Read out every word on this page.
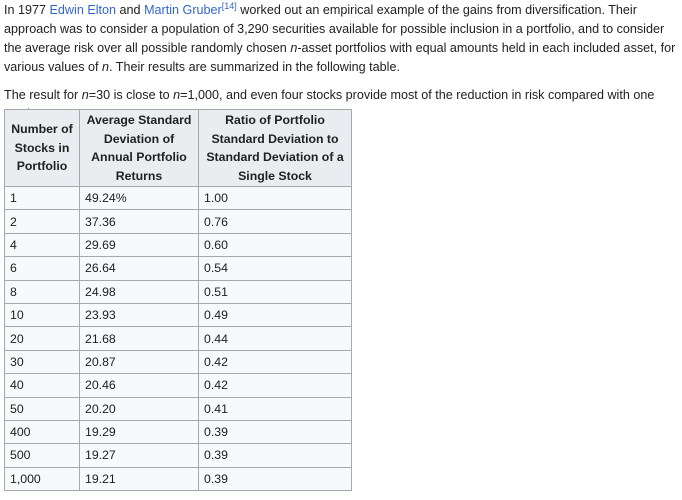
In 1977 Edwin Elton and Martin Gruber[14] worked out an empirical example of the gains from diversification. Their approach was to consider a population of 3,290 securities available for possible inclusion in a portfolio, and to consider the average risk over all possible randomly chosen n-asset portfolios with equal amounts held in each included asset, for various values of n. Their results are summarized in the following table.

The result for n=30 is close to n=1,000, and even four stocks provide most of the reduction in risk compared with one

Number of Stocks in Portfolio	Average Standard Deviation of Annual Portfolio Returns	Ratio of Portfolio Standard Deviation to Standard Deviation of a Single Stock
1	49.24%	1.00
2	37.36	0.76
4	29.69	0.60
6	26.64	0.54
8	24.98	0.51
10	23.93	0.49
20	21.68	0.44
30	20.87	0.42
40	20.46	0.42
50	20.20	0.41
400	19.29	0.39
500	19.27	0.39
1,000	19.21	0.39
